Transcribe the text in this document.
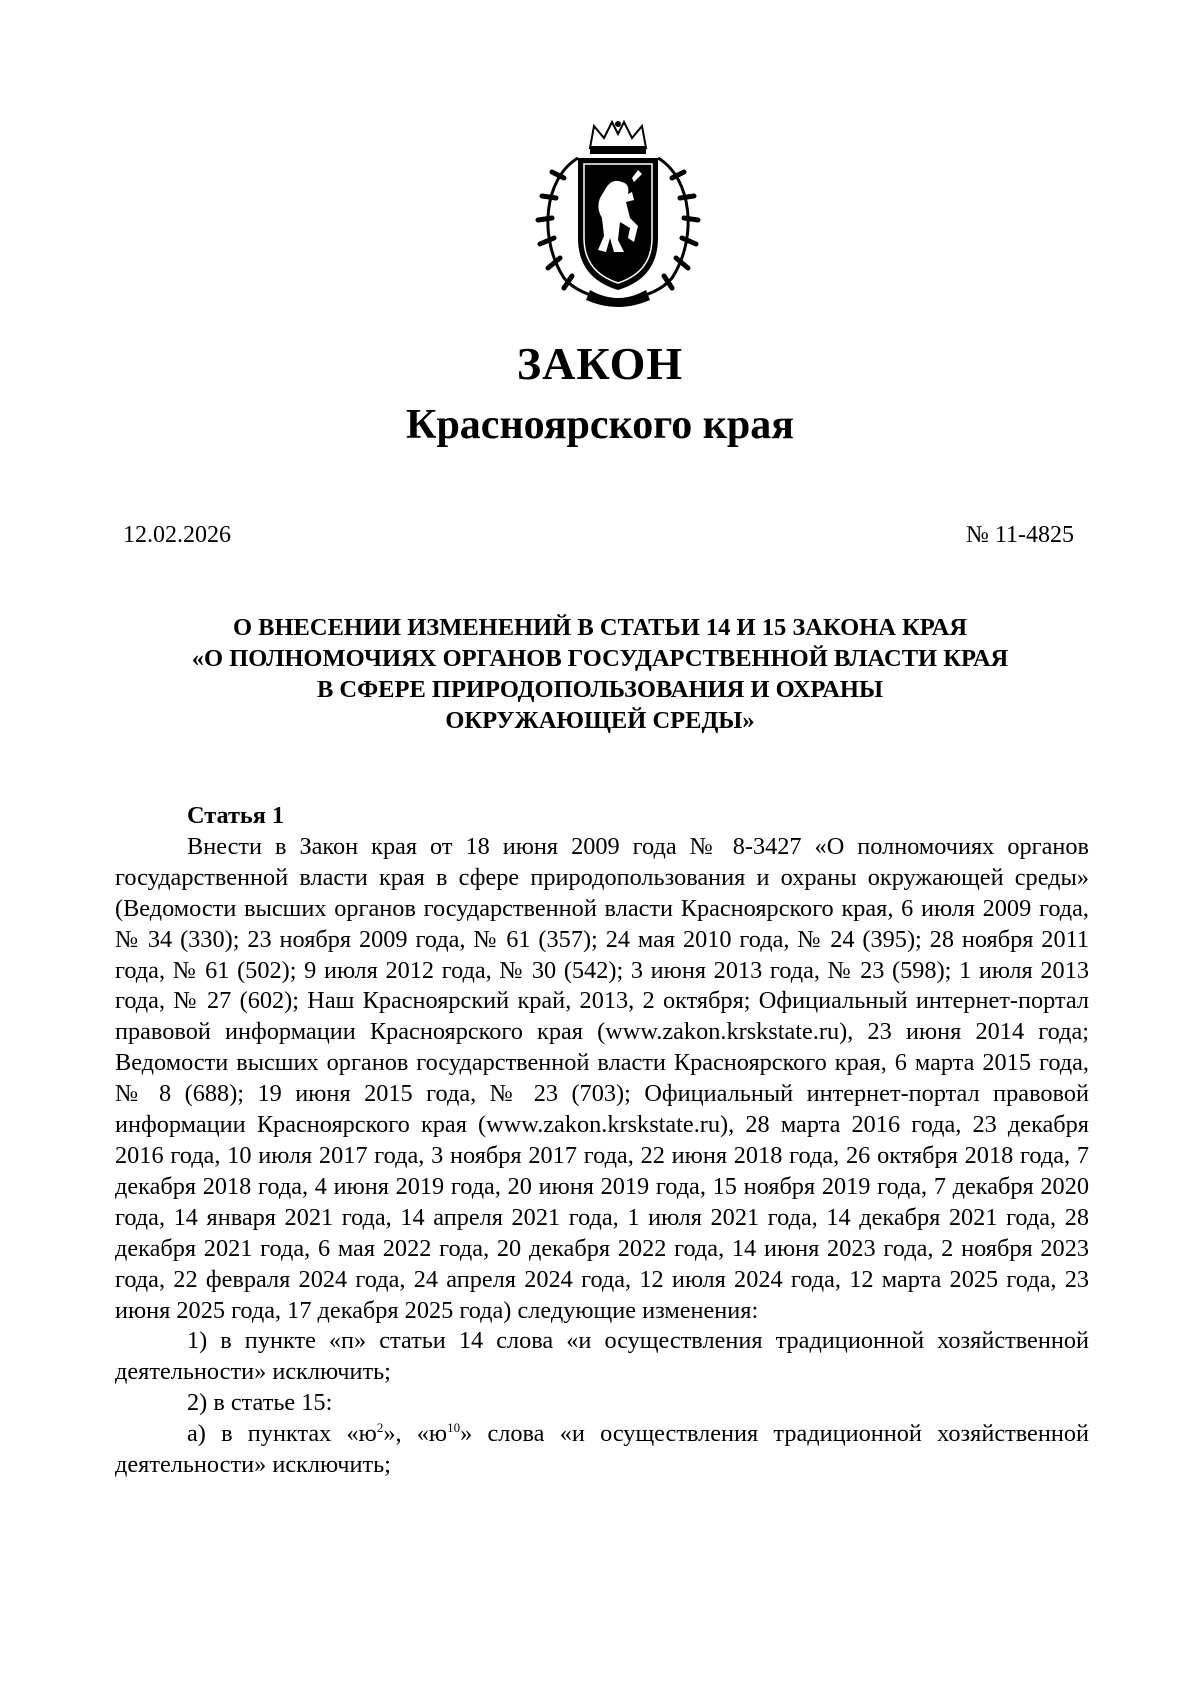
ЗАКОН
Красноярского края
12.02.2026	№ 11-4825
О ВНЕСЕНИИ ИЗМЕНЕНИЙ В СТАТЬИ 14 И 15 ЗАКОНА КРАЯ
«О ПОЛНОМОЧИЯХ ОРГАНОВ ГОСУДАРСТВЕННОЙ ВЛАСТИ КРАЯ
В СФЕРЕ ПРИРОДОПОЛЬЗОВАНИЯ И ОХРАНЫ
ОКРУЖАЮЩЕЙ СРЕДЫ»

Статья 1

Внести в Закон края от 18 июня 2009 года № 8-3427 «О полномочиях органов государственной власти края в сфере природопользования и охраны окружающей среды» (Ведомости высших органов государственной власти Красноярского края, 6 июля 2009 года, № 34 (330); 23 ноября 2009 года, № 61 (357); 24 мая 2010 года, № 24 (395); 28 ноября 2011 года, № 61 (502); 9 июля 2012 года, № 30 (542); 3 июня 2013 года, № 23 (598); 1 июля 2013 года, № 27 (602); Наш Красноярский край, 2013, 2 октября; Официальный интернет-портал правовой информации Красноярского края (www.zakon.krskstate.ru), 23 июня 2014 года; Ведомости высших органов государственной власти Красноярского края, 6 марта 2015 года, № 8 (688); 19 июня 2015 года, № 23 (703); Официальный интернет-портал правовой информации Красноярского края (www.zakon.krskstate.ru), 28 марта 2016 года, 23 декабря 2016 года, 10 июля 2017 года, 3 ноября 2017 года, 22 июня 2018 года, 26 октября 2018 года, 7 декабря 2018 года, 4 июня 2019 года, 20 июня 2019 года, 15 ноября 2019 года, 7 декабря 2020 года, 14 января 2021 года, 14 апреля 2021 года, 1 июля 2021 года, 14 декабря 2021 года, 28 декабря 2021 года, 6 мая 2022 года, 20 декабря 2022 года, 14 июня 2023 года, 2 ноября 2023 года, 22 февраля 2024 года, 24 апреля 2024 года, 12 июля 2024 года, 12 марта 2025 года, 23 июня 2025 года, 17 декабря 2025 года) следующие изменения:

1) в пункте «п» статьи 14 слова «и осуществления традиционной хозяйственной деятельности» исключить;

2) в статье 15:

а) в пунктах «$ю^2$», «$ю^{10}$» слова «и осуществления традиционной хозяйственной деятельности» исключить;
